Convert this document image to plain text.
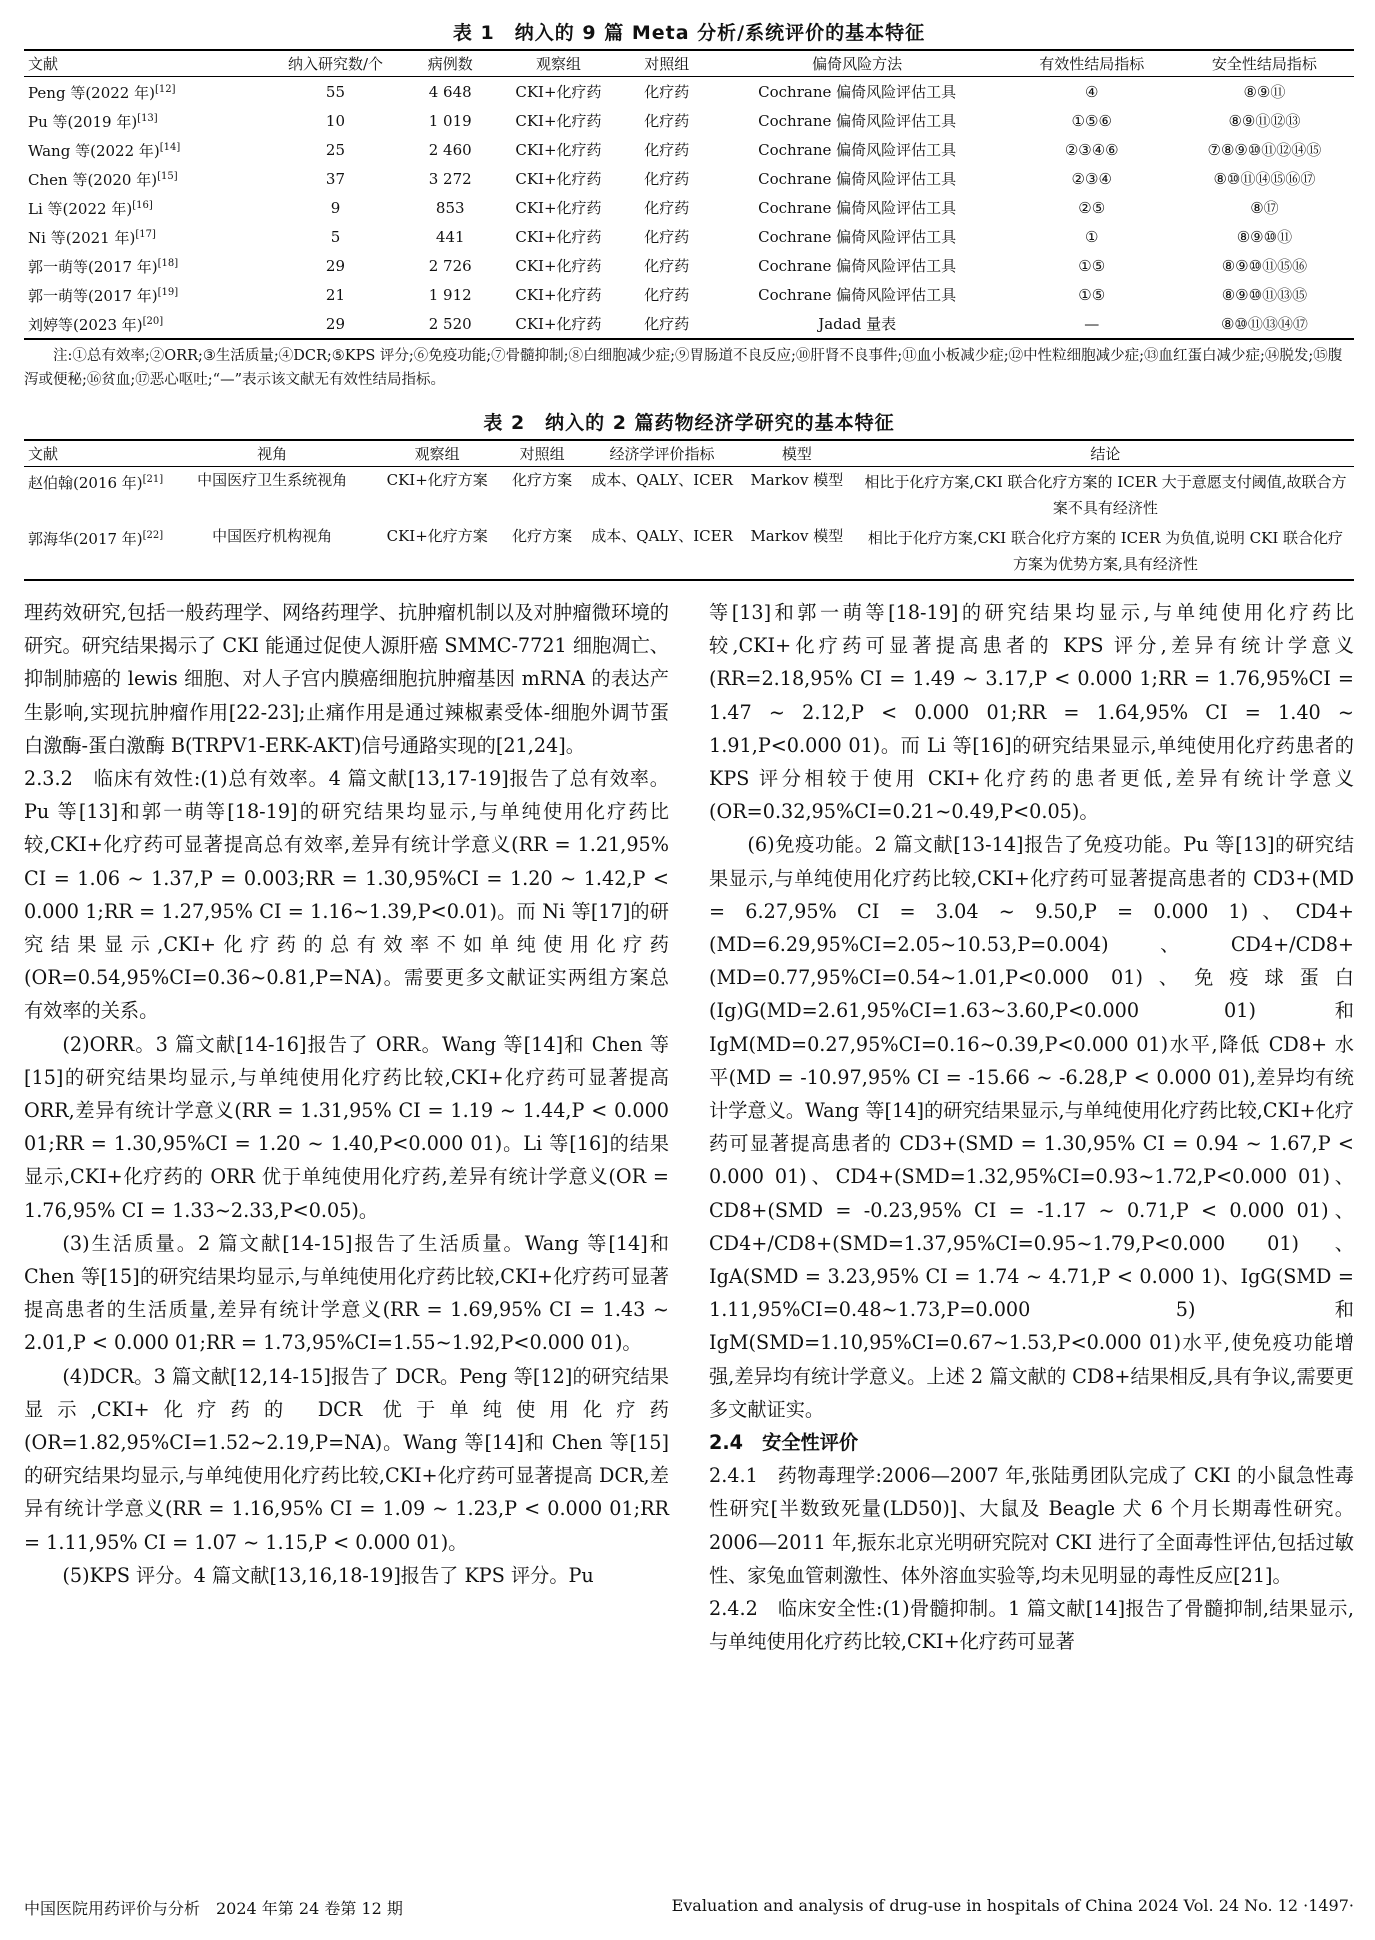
表 1　纳入的 9 篇 Meta 分析/系统评价的基本特征
文献	纳入研究数/个	病例数	观察组	对照组	偏倚风险方法	有效性结局指标	安全性结局指标
Peng 等(2022 年)[12]	55	4 648	CKI+化疗药	化疗药	Cochrane 偏倚风险评估工具	④	⑧⑨⑪
Pu 等(2019 年)[13]	10	1 019	CKI+化疗药	化疗药	Cochrane 偏倚风险评估工具	①⑤⑥	⑧⑨⑪⑫⑬
Wang 等(2022 年)[14]	25	2 460	CKI+化疗药	化疗药	Cochrane 偏倚风险评估工具	②③④⑥	⑦⑧⑨⑩⑪⑫⑭⑮
Chen 等(2020 年)[15]	37	3 272	CKI+化疗药	化疗药	Cochrane 偏倚风险评估工具	②③④	⑧⑩⑪⑭⑮⑯⑰
Li 等(2022 年)[16]	9	853	CKI+化疗药	化疗药	Cochrane 偏倚风险评估工具	②⑤	⑧⑰
Ni 等(2021 年)[17]	5	441	CKI+化疗药	化疗药	Cochrane 偏倚风险评估工具	①	⑧⑨⑩⑪
郭一萌等(2017 年)[18]	29	2 726	CKI+化疗药	化疗药	Cochrane 偏倚风险评估工具	①⑤	⑧⑨⑩⑪⑮⑯
郭一萌等(2017 年)[19]	21	1 912	CKI+化疗药	化疗药	Cochrane 偏倚风险评估工具	①⑤	⑧⑨⑩⑪⑬⑮
刘婷等(2023 年)[20]	29	2 520	CKI+化疗药	化疗药	Jadad 量表	—	⑧⑩⑪⑬⑭⑰
注:①总有效率;②ORR;③生活质量;④DCR;⑤KPS 评分;⑥免疫功能;⑦骨髓抑制;⑧白细胞减少症;⑨胃肠道不良反应;⑩肝肾不良事件;⑪血小板减少症;⑫中性粒细胞减少症;⑬血红蛋白减少症;⑭脱发;⑮腹泻或便秘;⑯贫血;⑰恶心呕吐;“—”表示该文献无有效性结局指标。
表 2　纳入的 2 篇药物经济学研究的基本特征
文献	视角	观察组	对照组	经济学评价指标	模型	结论
赵伯翰(2016 年)[21]	中国医疗卫生系统视角	CKI+化疗方案	化疗方案	成本、QALY、ICER	Markov 模型	相比于化疗方案,CKI 联合化疗方案的 ICER 大于意愿支付阈值,故联合方案不具有经济性
郭海华(2017 年)[22]	中国医疗机构视角	CKI+化疗方案	化疗方案	成本、QALY、ICER	Markov 模型	相比于化疗方案,CKI 联合化疗方案的 ICER 为负值,说明 CKI 联合化疗方案为优势方案,具有经济性

理药效研究,包括一般药理学、网络药理学、抗肿瘤机制以及对肿瘤微环境的研究。研究结果揭示了 CKI 能通过促使人源肝癌 SMMC-7721 细胞凋亡、抑制肺癌的 lewis 细胞、对人子宫内膜癌细胞抗肿瘤基因 mRNA 的表达产生影响,实现抗肿瘤作用[22-23];止痛作用是通过辣椒素受体-细胞外调节蛋白激酶-蛋白激酶 B(TRPV1-ERK-AKT)信号通路实现的[21,24]。

2.3.2　临床有效性:(1)总有效率。4 篇文献[13,17-19]报告了总有效率。Pu 等[13]和郭一萌等[18-19]的研究结果均显示,与单纯使用化疗药比较,CKI+化疗药可显著提高总有效率,差异有统计学意义(RR = 1.21,95% CI = 1.06 ~ 1.37,P = 0.003;RR = 1.30,95%CI = 1.20 ~ 1.42,P < 0.000 1;RR = 1.27,95% CI = 1.16~1.39,P<0.01)。而 Ni 等[17]的研究结果显示,CKI+化疗药的总有效率不如单纯使用化疗药(OR=0.54,95%CI=0.36~0.81,P=NA)。需要更多文献证实两组方案总有效率的关系。

(2)ORR。3 篇文献[14-16]报告了 ORR。Wang 等[14]和 Chen 等[15]的研究结果均显示,与单纯使用化疗药比较,CKI+化疗药可显著提高 ORR,差异有统计学意义(RR = 1.31,95% CI = 1.19 ~ 1.44,P < 0.000 01;RR = 1.30,95%CI = 1.20 ~ 1.40,P<0.000 01)。Li 等[16]的结果显示,CKI+化疗药的 ORR 优于单纯使用化疗药,差异有统计学意义(OR = 1.76,95% CI = 1.33~2.33,P<0.05)。

(3)生活质量。2 篇文献[14-15]报告了生活质量。Wang 等[14]和 Chen 等[15]的研究结果均显示,与单纯使用化疗药比较,CKI+化疗药可显著提高患者的生活质量,差异有统计学意义(RR = 1.69,95% CI = 1.43 ~ 2.01,P < 0.000 01;RR = 1.73,95%CI=1.55~1.92,P<0.000 01)。

(4)DCR。3 篇文献[12,14-15]报告了 DCR。Peng 等[12]的研究结果显示,CKI+化疗药的 DCR 优于单纯使用化疗药(OR=1.82,95%CI=1.52~2.19,P=NA)。Wang 等[14]和 Chen 等[15]的研究结果均显示,与单纯使用化疗药比较,CKI+化疗药可显著提高 DCR,差异有统计学意义(RR = 1.16,95% CI = 1.09 ~ 1.23,P < 0.000 01;RR = 1.11,95% CI = 1.07 ~ 1.15,P < 0.000 01)。

(5)KPS 评分。4 篇文献[13,16,18-19]报告了 KPS 评分。Pu

等[13]和郭一萌等[18-19]的研究结果均显示,与单纯使用化疗药比较,CKI+化疗药可显著提高患者的 KPS 评分,差异有统计学意义(RR=2.18,95% CI = 1.49 ~ 3.17,P < 0.000 1;RR = 1.76,95%CI = 1.47 ~ 2.12,P < 0.000 01;RR = 1.64,95% CI = 1.40 ~ 1.91,P<0.000 01)。而 Li 等[16]的研究结果显示,单纯使用化疗药患者的 KPS 评分相较于使用 CKI+化疗药的患者更低,差异有统计学意义(OR=0.32,95%CI=0.21~0.49,P<0.05)。

(6)免疫功能。2 篇文献[13-14]报告了免疫功能。Pu 等[13]的研究结果显示,与单纯使用化疗药比较,CKI+化疗药可显著提高患者的 CD3+(MD = 6.27,95% CI = 3.04 ~ 9.50,P = 0.000 1)、CD4+(MD=6.29,95%CI=2.05~10.53,P=0.004)、CD4+/CD8+(MD=0.77,95%CI=0.54~1.01,P<0.000 01)、免疫球蛋白(Ig)G(MD=2.61,95%CI=1.63~3.60,P<0.000 01)和 IgM(MD=0.27,95%CI=0.16~0.39,P<0.000 01)水平,降低 CD8+ 水平(MD = -10.97,95% CI = -15.66 ~ -6.28,P < 0.000 01),差异均有统计学意义。Wang 等[14]的研究结果显示,与单纯使用化疗药比较,CKI+化疗药可显著提高患者的 CD3+(SMD = 1.30,95% CI = 0.94 ~ 1.67,P < 0.000 01)、CD4+(SMD=1.32,95%CI=0.93~1.72,P<0.000 01)、CD8+(SMD = -0.23,95% CI = -1.17 ~ 0.71,P < 0.000 01)、CD4+/CD8+(SMD=1.37,95%CI=0.95~1.79,P<0.000 01)、IgA(SMD = 3.23,95% CI = 1.74 ~ 4.71,P < 0.000 1)、IgG(SMD = 1.11,95%CI=0.48~1.73,P=0.000 5)和 IgM(SMD=1.10,95%CI=0.67~1.53,P<0.000 01)水平,使免疫功能增强,差异均有统计学意义。上述 2 篇文献的 CD8+结果相反,具有争议,需要更多文献证实。

2.4　安全性评价

2.4.1　药物毒理学:2006—2007 年,张陆勇团队完成了 CKI 的小鼠急性毒性研究[半数致死量(LD50)]、大鼠及 Beagle 犬 6 个月长期毒性研究。2006—2011 年,振东北京光明研究院对 CKI 进行了全面毒性评估,包括过敏性、家兔血管刺激性、体外溶血实验等,均未见明显的毒性反应[21]。

2.4.2　临床安全性:(1)骨髓抑制。1 篇文献[14]报告了骨髓抑制,结果显示,与单纯使用化疗药比较,CKI+化疗药可显著

中国医院用药评价与分析　2024 年第 24 卷第 12 期	Evaluation and analysis of drug-use in hospitals of China 2024 Vol. 24 No. 12 ·1497·
